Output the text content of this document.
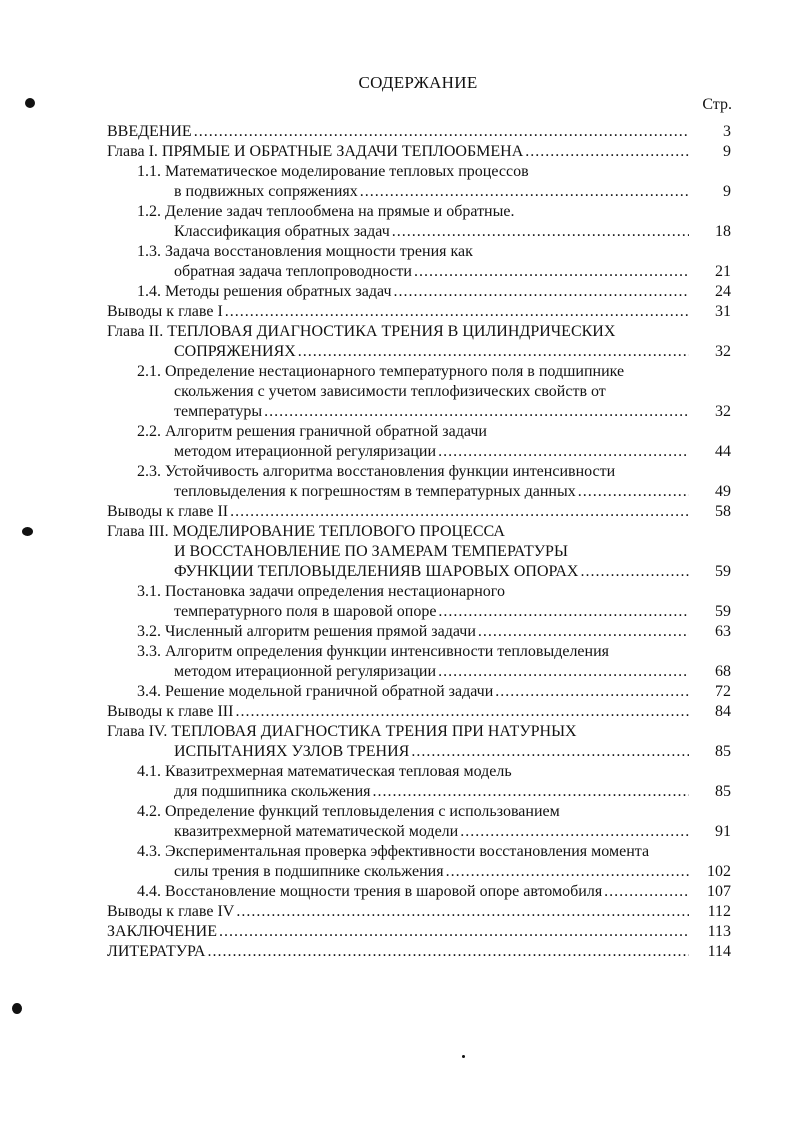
СОДЕРЖАНИЕ
Стр.
ВВЕДЕНИЕ .....	3
Глава I. ПРЯМЫЕ И ОБРАТНЫЕ ЗАДАЧИ ТЕПЛООБМЕНА .....	9
1.1. Математическое моделирование тепловых процессов
в подвижных сопряжениях .....	9
1.2. Деление задач теплообмена на прямые и обратные.
Классификация обратных задач .....	18
1.3. Задача восстановления мощности трения как
обратная задача теплопроводности .....	21
1.4. Методы решения обратных задач .....	24
Выводы к главе I .....	31
Глава II. ТЕПЛОВАЯ ДИАГНОСТИКА ТРЕНИЯ В ЦИЛИНДРИЧЕСКИХ
СОПРЯЖЕНИЯХ .....	32
2.1. Определение нестационарного температурного поля в подшипнике
скольжения с учетом зависимости теплофизических свойств от
температуры .....	32
2.2. Алгоритм решения граничной обратной задачи
методом итерационной регуляризации .....	44
2.3. Устойчивость алгоритма восстановления функции интенсивности
тепловыделения к погрешностям в температурных данных .....	49
Выводы к главе II .....	58
Глава III. МОДЕЛИРОВАНИЕ ТЕПЛОВОГО ПРОЦЕССА
И ВОССТАНОВЛЕНИЕ ПО ЗАМЕРАМ ТЕМПЕРАТУРЫ
ФУНКЦИИ ТЕПЛОВЫДЕЛЕНИЯВ ШАРОВЫХ ОПОРАХ .....	59
3.1. Постановка задачи определения нестационарного
температурного поля в шаровой опоре .....	59
3.2. Численный алгоритм решения прямой задачи .....	63
3.3. Алгоритм определения функции интенсивности тепловыделения
методом итерационной регуляризации .....	68
3.4. Решение модельной граничной обратной задачи .....	72
Выводы к главе III .....	84
Глава IV. ТЕПЛОВАЯ ДИАГНОСТИКА ТРЕНИЯ ПРИ НАТУРНЫХ
ИСПЫТАНИЯХ УЗЛОВ ТРЕНИЯ .....	85
4.1. Квазитрехмерная математическая тепловая модель
для подшипника скольжения .....	85
4.2. Определение функций тепловыделения с использованием
квазитрехмерной математической модели .....	91
4.3. Экспериментальная проверка эффективности восстановления момента
силы трения в подшипнике скольжения .....	102
4.4. Восстановление мощности трения в шаровой опоре автомобиля .....	107
Выводы к главе IV .....	112
ЗАКЛЮЧЕНИЕ .....	113
ЛИТЕРАТУРА .....	114
